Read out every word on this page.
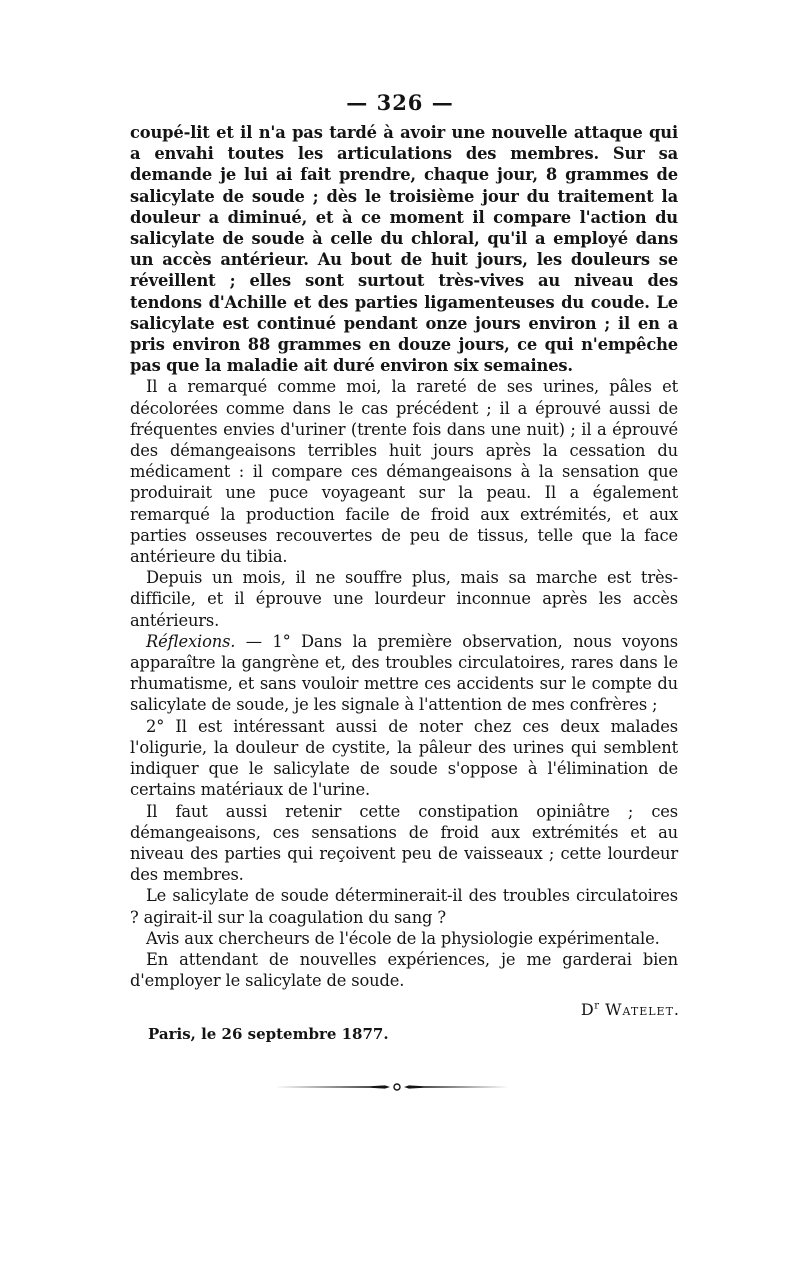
— 326 —

coupé-lit et il n'a pas tardé à avoir une nouvelle attaque qui a envahi toutes les articulations des membres. Sur sa demande je lui ai fait prendre, chaque jour, 8 grammes de salicylate de soude ; dès le troisième jour du traitement la douleur a diminué, et à ce moment il compare l'action du salicylate de soude à celle du chloral, qu'il a employé dans un accès antérieur. Au bout de huit jours, les douleurs se réveillent ; elles sont surtout très-vives au niveau des tendons d'Achille et des parties ligamenteuses du coude. Le salicylate est continué pendant onze jours environ ; il en a pris environ 88 grammes en douze jours, ce qui n'empêche pas que la maladie ait duré environ six semaines.

Il a remarqué comme moi, la rareté de ses urines, pâles et décolorées comme dans le cas précédent ; il a éprouvé aussi de fréquentes envies d'uriner (trente fois dans une nuit) ; il a éprouvé des démangeaisons terribles huit jours après la cessation du médicament : il compare ces démangeaisons à la sensation que produirait une puce voyageant sur la peau. Il a également remarqué la production facile de froid aux extrémités, et aux parties osseuses recouvertes de peu de tissus, telle que la face antérieure du tibia.

Depuis un mois, il ne souffre plus, mais sa marche est très-difficile, et il éprouve une lourdeur inconnue après les accès antérieurs.

Réflexions. — 1° Dans la première observation, nous voyons apparaître la gangrène et, des troubles circulatoires, rares dans le rhumatisme, et sans vouloir mettre ces accidents sur le compte du salicylate de soude, je les signale à l'attention de mes confrères ;

2° Il est intéressant aussi de noter chez ces deux malades l'oligurie, la douleur de cystite, la pâleur des urines qui semblent indiquer que le salicylate de soude s'oppose à l'élimination de certains matériaux de l'urine.

Il faut aussi retenir cette constipation opiniâtre ; ces démangeaisons, ces sensations de froid aux extrémités et au niveau des parties qui reçoivent peu de vaisseaux ; cette lourdeur des membres.

Le salicylate de soude déterminerait-il des troubles circulatoires ? agirait-il sur la coagulation du sang ?

Avis aux chercheurs de l'école de la physiologie expérimentale.

En attendant de nouvelles expériences, je me garderai bien d'employer le salicylate de soude.

$D^r$ Watelet.
Paris, le 26 septembre 1877.
